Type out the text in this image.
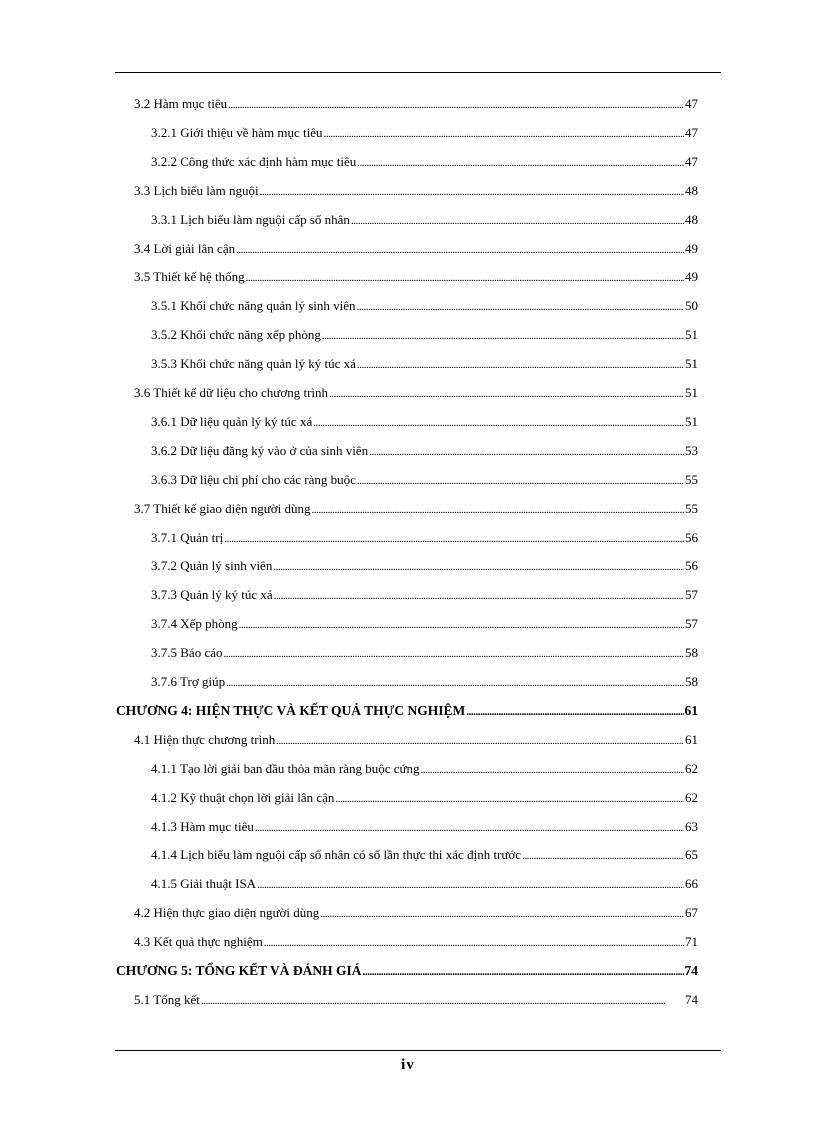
3.2 Hàm mục tiêu . . .	47
3.2.1 Giới thiệu về hàm mục tiêu . . .	47
3.2.2 Công thức xác định hàm mục tiêu . . .	47
3.3 Lịch biểu làm nguội . . .	48
3.3.1 Lịch biểu làm nguội cấp số nhân . . .	48
3.4 Lời giải lân cận . . .	49
3.5 Thiết kế hệ thống . . .	49
3.5.1 Khối chức năng quản lý sinh viên . . .	50
3.5.2 Khối chức năng xếp phòng . . .	51
3.5.3 Khối chức năng quản lý ký túc xá . . .	51
3.6 Thiết kế dữ liệu cho chương trình . . .	51
3.6.1 Dữ liệu quản lý ký túc xá . . .	51
3.6.2 Dữ liệu đăng ký vào ở của sinh viên . . .	53
3.6.3 Dữ liệu chi phí cho các ràng buộc . . .	55
3.7 Thiết kế giao diện người dùng . . .	55
3.7.1 Quản trị . . .	56
3.7.2 Quản lý sinh viên . . .	56
3.7.3 Quản lý ký túc xá . . .	57
3.7.4 Xếp phòng . . .	57
3.7.5 Báo cáo . . .	58
3.7.6 Trợ giúp . . .	58
CHƯƠNG 4: HIỆN THỰC VÀ KẾT QUẢ THỰC NGHIỆM . . .	61
4.1 Hiện thực chương trình . . .	61
4.1.1 Tạo lời giải ban đầu thỏa mãn ràng buộc cứng . . .	62
4.1.2 Kỹ thuật chọn lời giải lân cận . . .	62
4.1.3 Hàm mục tiêu . . .	63
4.1.4 Lịch biểu làm nguội cấp số nhân có số lần thực thi xác định trước . . .	65
4.1.5 Giải thuật ISA . . .	66
4.2 Hiện thực giao diện người dùng . . .	67
4.3 Kết quả thực nghiệm . . .	71
CHƯƠNG 5: TỔNG KẾT VÀ ĐÁNH GIÁ . . .	74
5.1 Tổng kết . . .	74
iv
